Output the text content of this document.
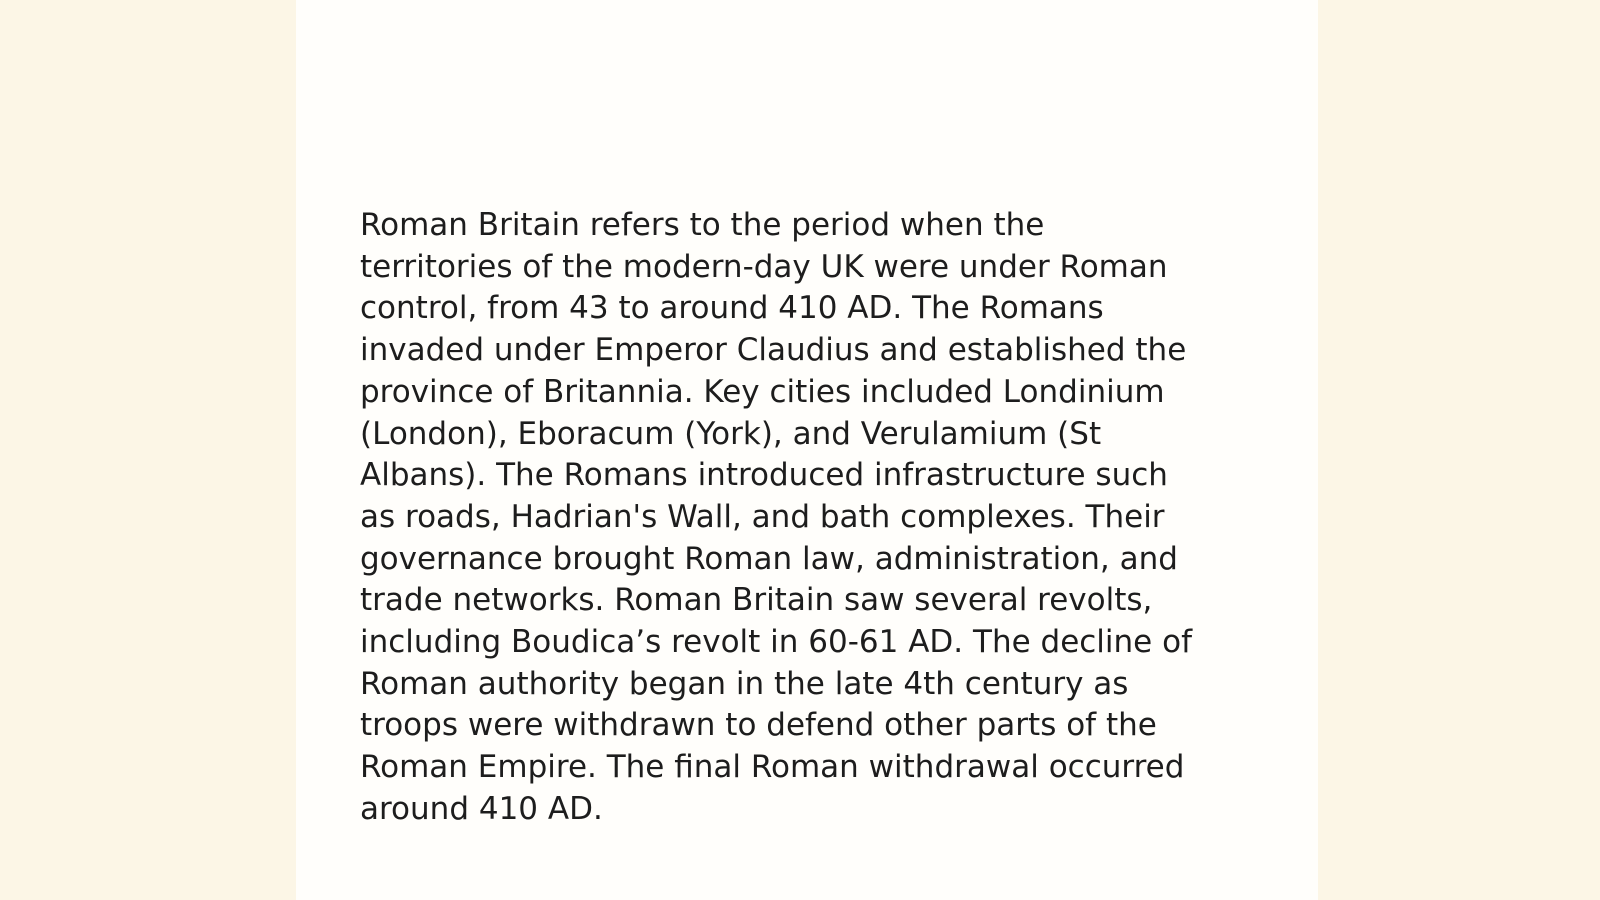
Roman Britain refers to the period when the
territories of the modern-day UK were under Roman
control, from 43 to around 410 AD. The Romans
invaded under Emperor Claudius and established the
province of Britannia. Key cities included Londinium
(London), Eboracum (York), and Verulamium (St
Albans). The Romans introduced infrastructure such
as roads, Hadrian's Wall, and bath complexes. Their
governance brought Roman law, administration, and
trade networks. Roman Britain saw several revolts,
including Boudica’s revolt in 60-61 AD. The decline of
Roman authority began in the late 4th century as
troops were withdrawn to defend other parts of the
Roman Empire. The final Roman withdrawal occurred
around 410 AD.
